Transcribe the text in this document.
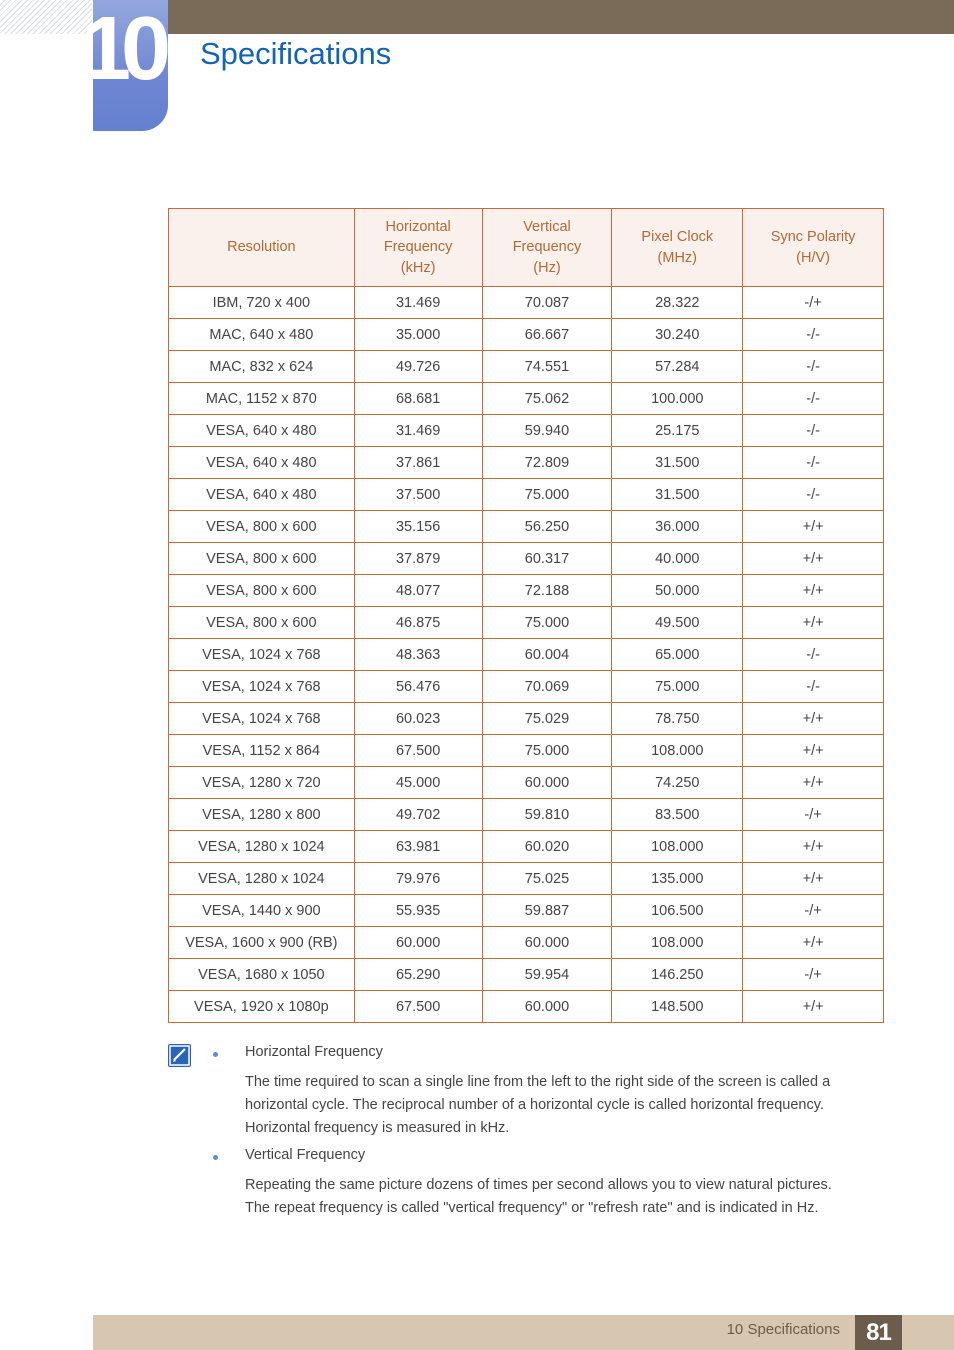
10 Specifications
Resolution	Horizontal
Frequency
(kHz)	Vertical
Frequency
(Hz)	Pixel Clock
(MHz)	Sync Polarity
(H/V)
IBM, 720 x 400	31.469	70.087	28.322	-/+
MAC, 640 x 480	35.000	66.667	30.240	-/-
MAC, 832 x 624	49.726	74.551	57.284	-/-
MAC, 1152 x 870	68.681	75.062	100.000	-/-
VESA, 640 x 480	31.469	59.940	25.175	-/-
VESA, 640 x 480	37.861	72.809	31.500	-/-
VESA, 640 x 480	37.500	75.000	31.500	-/-
VESA, 800 x 600	35.156	56.250	36.000	+/+
VESA, 800 x 600	37.879	60.317	40.000	+/+
VESA, 800 x 600	48.077	72.188	50.000	+/+
VESA, 800 x 600	46.875	75.000	49.500	+/+
VESA, 1024 x 768	48.363	60.004	65.000	-/-
VESA, 1024 x 768	56.476	70.069	75.000	-/-
VESA, 1024 x 768	60.023	75.029	78.750	+/+
VESA, 1152 x 864	67.500	75.000	108.000	+/+
VESA, 1280 x 720	45.000	60.000	74.250	+/+
VESA, 1280 x 800	49.702	59.810	83.500	-/+
VESA, 1280 x 1024	63.981	60.020	108.000	+/+
VESA, 1280 x 1024	79.976	75.025	135.000	+/+
VESA, 1440 x 900	55.935	59.887	106.500	-/+
VESA, 1600 x 900 (RB)	60.000	60.000	108.000	+/+
VESA, 1680 x 1050	65.290	59.954	146.250	-/+
VESA, 1920 x 1080p	67.500	60.000	148.500	+/+
Horizontal Frequency
The time required to scan a single line from the left to the right side of the screen is called a horizontal cycle. The reciprocal number of a horizontal cycle is called horizontal frequency. Horizontal frequency is measured in kHz.
Vertical Frequency
Repeating the same picture dozens of times per second allows you to view natural pictures. The repeat frequency is called "vertical frequency" or "refresh rate" and is indicated in Hz.
10 Specifications	81
